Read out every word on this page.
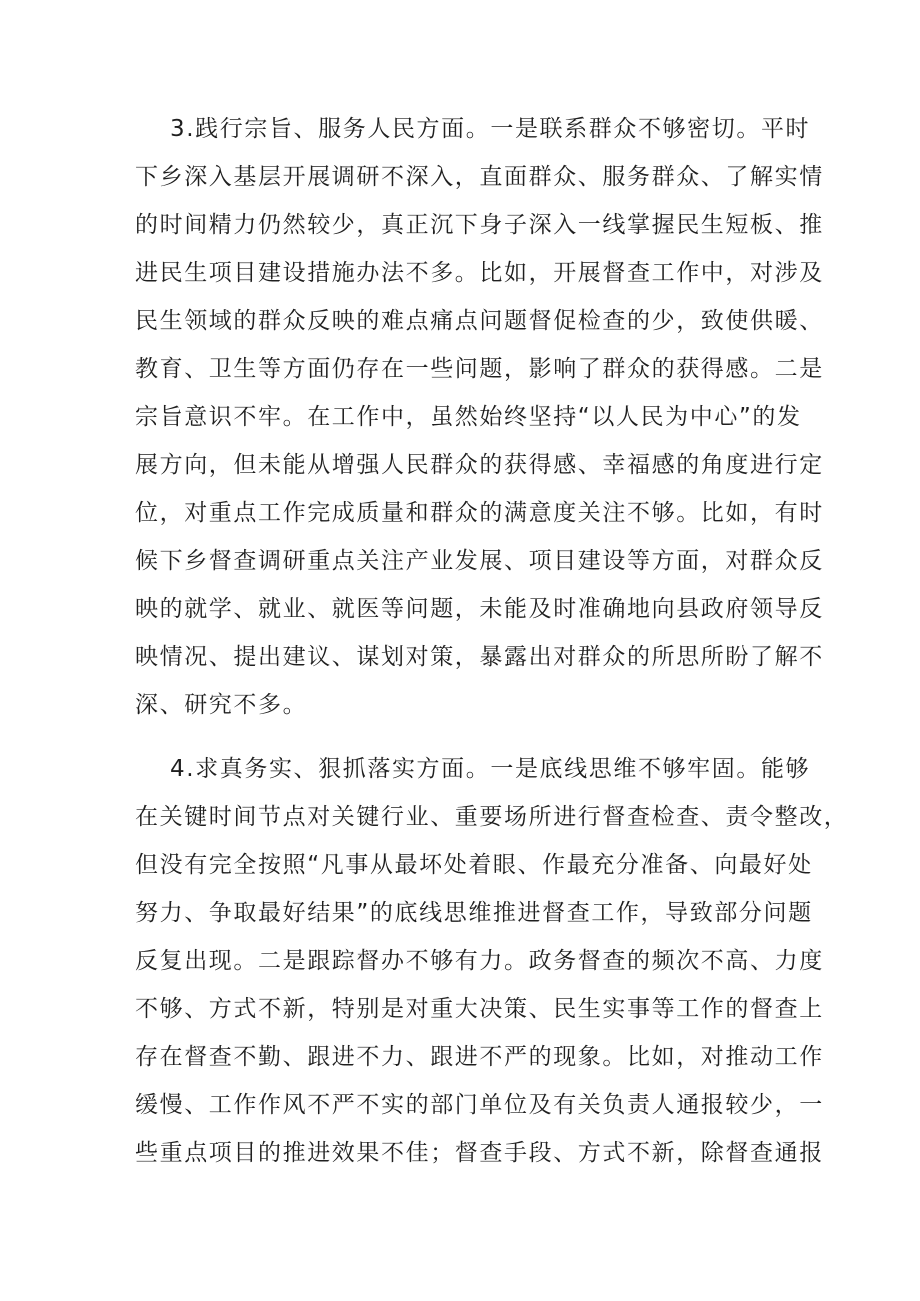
3.践行宗旨、服务人民方面。一是联系群众不够密切。平时
下乡深入基层开展调研不深入，直面群众、服务群众、了解实情
的时间精力仍然较少，真正沉下身子深入一线掌握民生短板、推
进民生项目建设措施办法不多。比如，开展督查工作中，对涉及
民生领域的群众反映的难点痛点问题督促检查的少，致使供暖、
教育、卫生等方面仍存在一些问题，影响了群众的获得感。二是
宗旨意识不牢。在工作中，虽然始终坚持“以人民为中心”的发
展方向，但未能从增强人民群众的获得感、幸福感的角度进行定
位，对重点工作完成质量和群众的满意度关注不够。比如，有时
候下乡督查调研重点关注产业发展、项目建设等方面，对群众反
映的就学、就业、就医等问题，未能及时准确地向县政府领导反
映情况、提出建议、谋划对策，暴露出对群众的所思所盼了解不
深、研究不多。
4.求真务实、狠抓落实方面。一是底线思维不够牢固。能够
在关键时间节点对关键行业、重要场所进行督查检查、责令整改，
但没有完全按照“凡事从最坏处着眼、作最充分准备、向最好处
努力、争取最好结果”的底线思维推进督查工作，导致部分问题
反复出现。二是跟踪督办不够有力。政务督查的频次不高、力度
不够、方式不新，特别是对重大决策、民生实事等工作的督查上
存在督查不勤、跟进不力、跟进不严的现象。比如，对推动工作
缓慢、工作作风不严不实的部门单位及有关负责人通报较少，一
些重点项目的推进效果不佳；督查手段、方式不新，除督查通报
